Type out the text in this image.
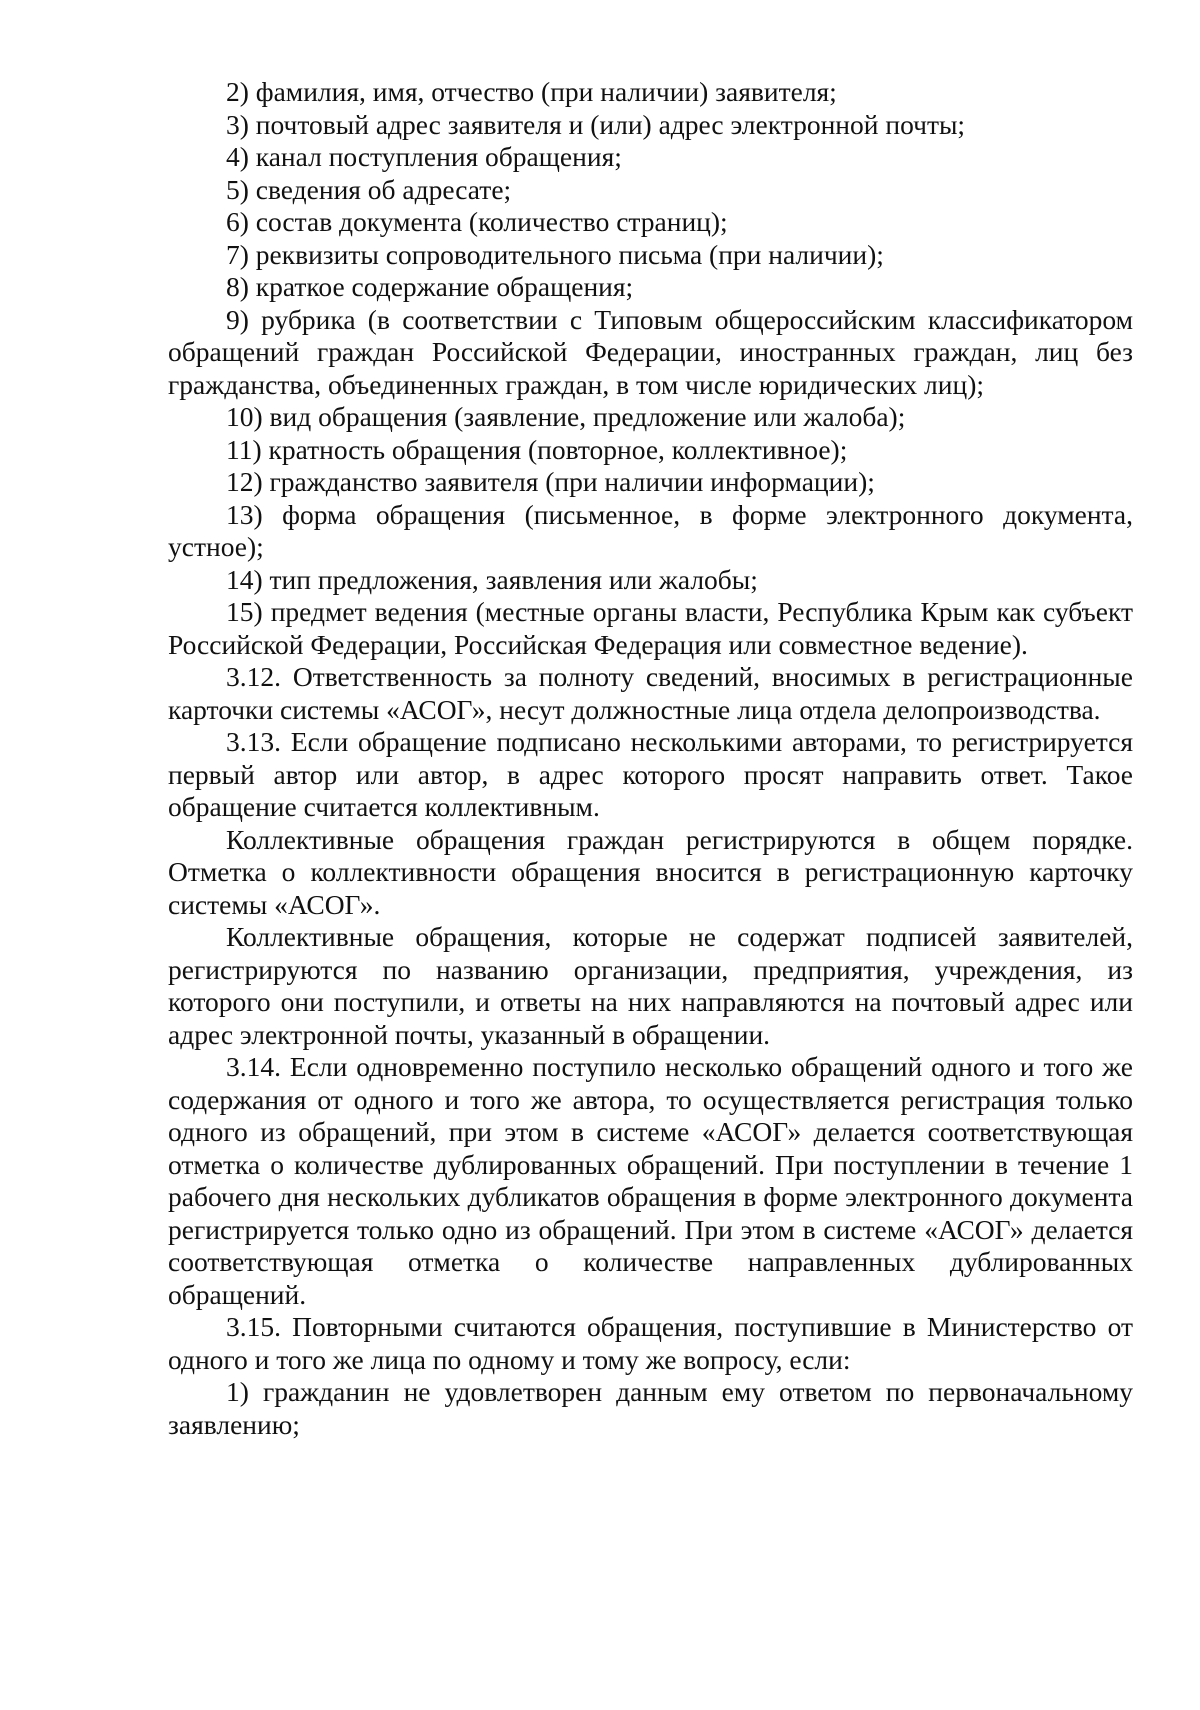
2) фамилия, имя, отчество (при наличии) заявителя;

3) почтовый адрес заявителя и (или) адрес электронной почты;

4) канал поступления обращения;

5) сведения об адресате;

6) состав документа (количество страниц);

7) реквизиты сопроводительного письма (при наличии);

8) краткое содержание обращения;

9) рубрика (в соответствии с Типовым общероссийским классификатором обращений граждан Российской Федерации, иностранных граждан, лиц без гражданства, объединенных граждан, в том числе юридических лиц);

10) вид обращения (заявление, предложение или жалоба);

11) кратность обращения (повторное, коллективное);

12) гражданство заявителя (при наличии информации);

13) форма обращения (письменное, в форме электронного документа, устное);

14) тип предложения, заявления или жалобы;

15) предмет ведения (местные органы власти, Республика Крым как субъект Российской Федерации, Российская Федерация или совместное ведение).

3.12. Ответственность за полноту сведений, вносимых в регистрационные карточки системы «АСОГ», несут должностные лица отдела делопроизводства.

3.13. Если обращение подписано несколькими авторами, то регистрируется первый автор или автор, в адрес которого просят направить ответ. Такое обращение считается коллективным.

Коллективные обращения граждан регистрируются в общем порядке. Отметка о коллективности обращения вносится в регистрационную карточку системы «АСОГ».

Коллективные обращения, которые не содержат подписей заявителей, регистрируются по названию организации, предприятия, учреждения, из которого они поступили, и ответы на них направляются на почтовый адрес или адрес электронной почты, указанный в обращении.

3.14. Если одновременно поступило несколько обращений одного и того же содержания от одного и того же автора, то осуществляется регистрация только одного из обращений, при этом в системе «АСОГ» делается соответствующая отметка о количестве дублированных обращений. При поступлении в течение 1 рабочего дня нескольких дубликатов обращения в форме электронного документа регистрируется только одно из обращений. При этом в системе «АСОГ» делается соответствующая отметка о количестве направленных дублированных обращений.

3.15. Повторными считаются обращения, поступившие в Министерство от одного и того же лица по одному и тому же вопросу, если:

1) гражданин не удовлетворен данным ему ответом по первоначальному заявлению;
